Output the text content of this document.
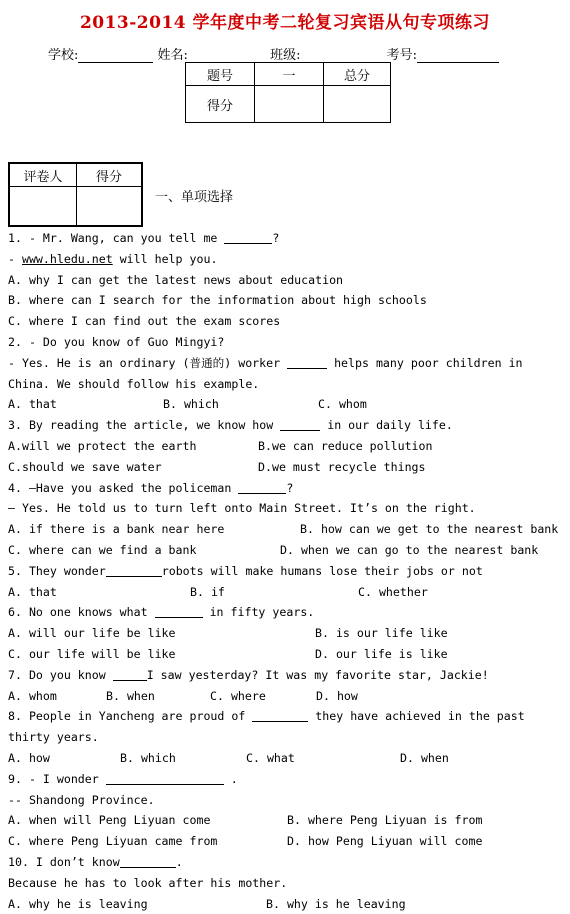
2013-2014 学年度中考二轮复习宾语从句专项练习
学校:	姓名:	班级:	考号:
题号	一	总分
得分		
评卷人	得分

一、单项选择
1. - Mr. Wang, can you tell me	?
- www.hledu.net will help you.
A. why I can get the latest news about education
B. where can I search for the information about high schools
C. where I can find out the exam scores
2. - Do you know of Guo Mingyi?
- Yes. He is an ordinary (普通的) worker	helps many poor children in China. We should follow his example.
A. that	B. which	C. whom
3. By reading the article, we know how	in our daily life.
A.will we protect the earth	B.we can reduce pollution
C.should we save water	D.we must recycle things
4. —Have you asked the policeman	?
— Yes. He told us to turn left onto Main Street. It’s on the right.
A. if there is a bank near here	B. how can we get to the nearest bank
C. where can we find a bank	D. when we can go to the nearest bank
5. They wonder	robots will make humans lose their jobs or not
A. that	B. if	C. whether
6. No one knows what	in fifty years.
A. will our life be like	B. is our life like
C. our life will be like	D. our life is like
7. Do you know	I saw yesterday? It was my favorite star, Jackie!
A. whom	B. when	C. where	D. how
8. People in Yancheng are proud of	they have achieved in the past thirty years.
A. how	B. which	C. what	D. when
9. - I wonder	.
-- Shandong Province.
A. when will Peng Liyuan come	B. where Peng Liyuan is from
C. where Peng Liyuan came from	D. how Peng Liyuan will come
10. I don’t know	.
Because he has to look after his mother.
A. why he is leaving	B. why is he leaving
